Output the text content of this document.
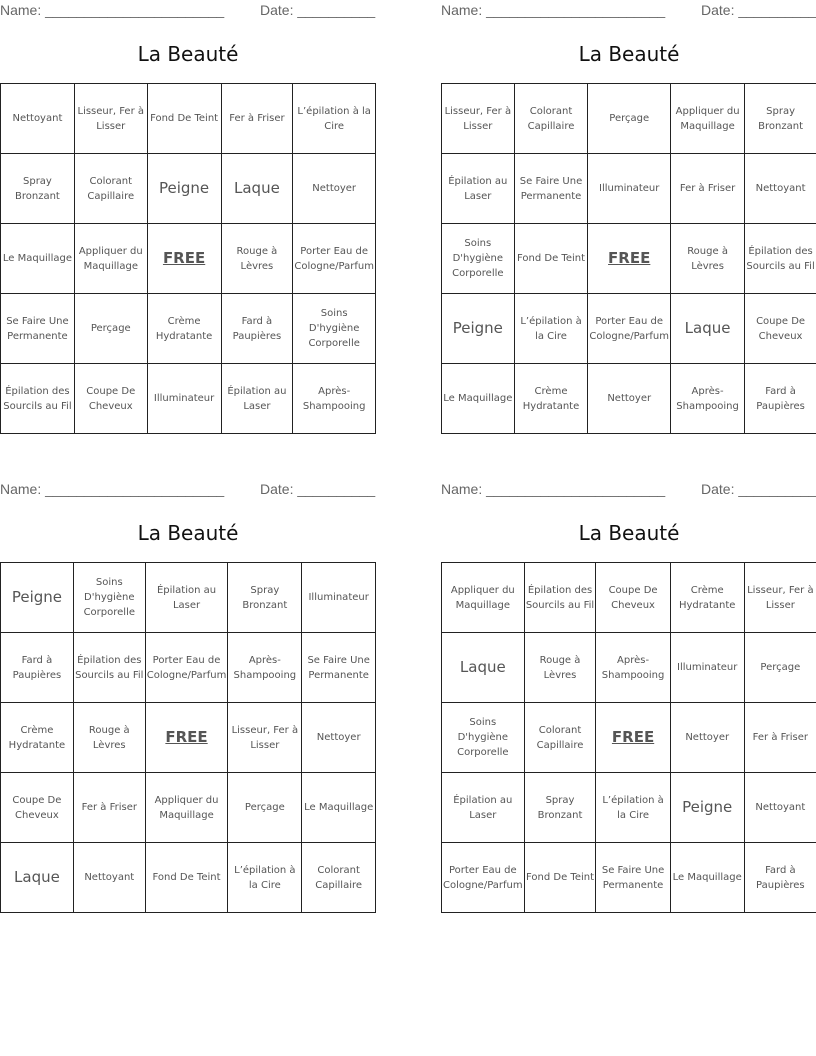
Name: _______________________	Date: __________
La Beauté
Nettoyant	Lisseur, Fer à Lisser	Fond De Teint	Fer à Friser	L’épilation à la Cire
Spray Bronzant	Colorant Capillaire	Peigne	Laque	Nettoyer
Le Maquillage	Appliquer du Maquillage	FREE	Rouge à Lèvres	Porter Eau de Cologne/Parfum
Se Faire Une Permanente	Perçage	Crème Hydratante	Fard à Paupières	Soins D'hygiène Corporelle
Épilation des Sourcils au Fil	Coupe De Cheveux	Illuminateur	Épilation au Laser	Après-Shampooing
Name: _______________________	Date: __________
La Beauté
Lisseur, Fer à Lisser	Colorant Capillaire	Perçage	Appliquer du Maquillage	Spray Bronzant
Épilation au Laser	Se Faire Une Permanente	Illuminateur	Fer à Friser	Nettoyant
Soins D'hygiène Corporelle	Fond De Teint	FREE	Rouge à Lèvres	Épilation des Sourcils au Fil
Peigne	L’épilation à la Cire	Porter Eau de Cologne/Parfum	Laque	Coupe De Cheveux
Le Maquillage	Crème Hydratante	Nettoyer	Après-Shampooing	Fard à Paupières
Name: _______________________	Date: __________
La Beauté
Peigne	Soins D'hygiène Corporelle	Épilation au Laser	Spray Bronzant	Illuminateur
Fard à Paupières	Épilation des Sourcils au Fil	Porter Eau de Cologne/Parfum	Après-Shampooing	Se Faire Une Permanente
Crème Hydratante	Rouge à Lèvres	FREE	Lisseur, Fer à Lisser	Nettoyer
Coupe De Cheveux	Fer à Friser	Appliquer du Maquillage	Perçage	Le Maquillage
Laque	Nettoyant	Fond De Teint	L’épilation à la Cire	Colorant Capillaire
Name: _______________________	Date: __________
La Beauté
Appliquer du Maquillage	Épilation des Sourcils au Fil	Coupe De Cheveux	Crème Hydratante	Lisseur, Fer à Lisser
Laque	Rouge à Lèvres	Après-Shampooing	Illuminateur	Perçage
Soins D'hygiène Corporelle	Colorant Capillaire	FREE	Nettoyer	Fer à Friser
Épilation au Laser	Spray Bronzant	L’épilation à la Cire	Peigne	Nettoyant
Porter Eau de Cologne/Parfum	Fond De Teint	Se Faire Une Permanente	Le Maquillage	Fard à Paupières
